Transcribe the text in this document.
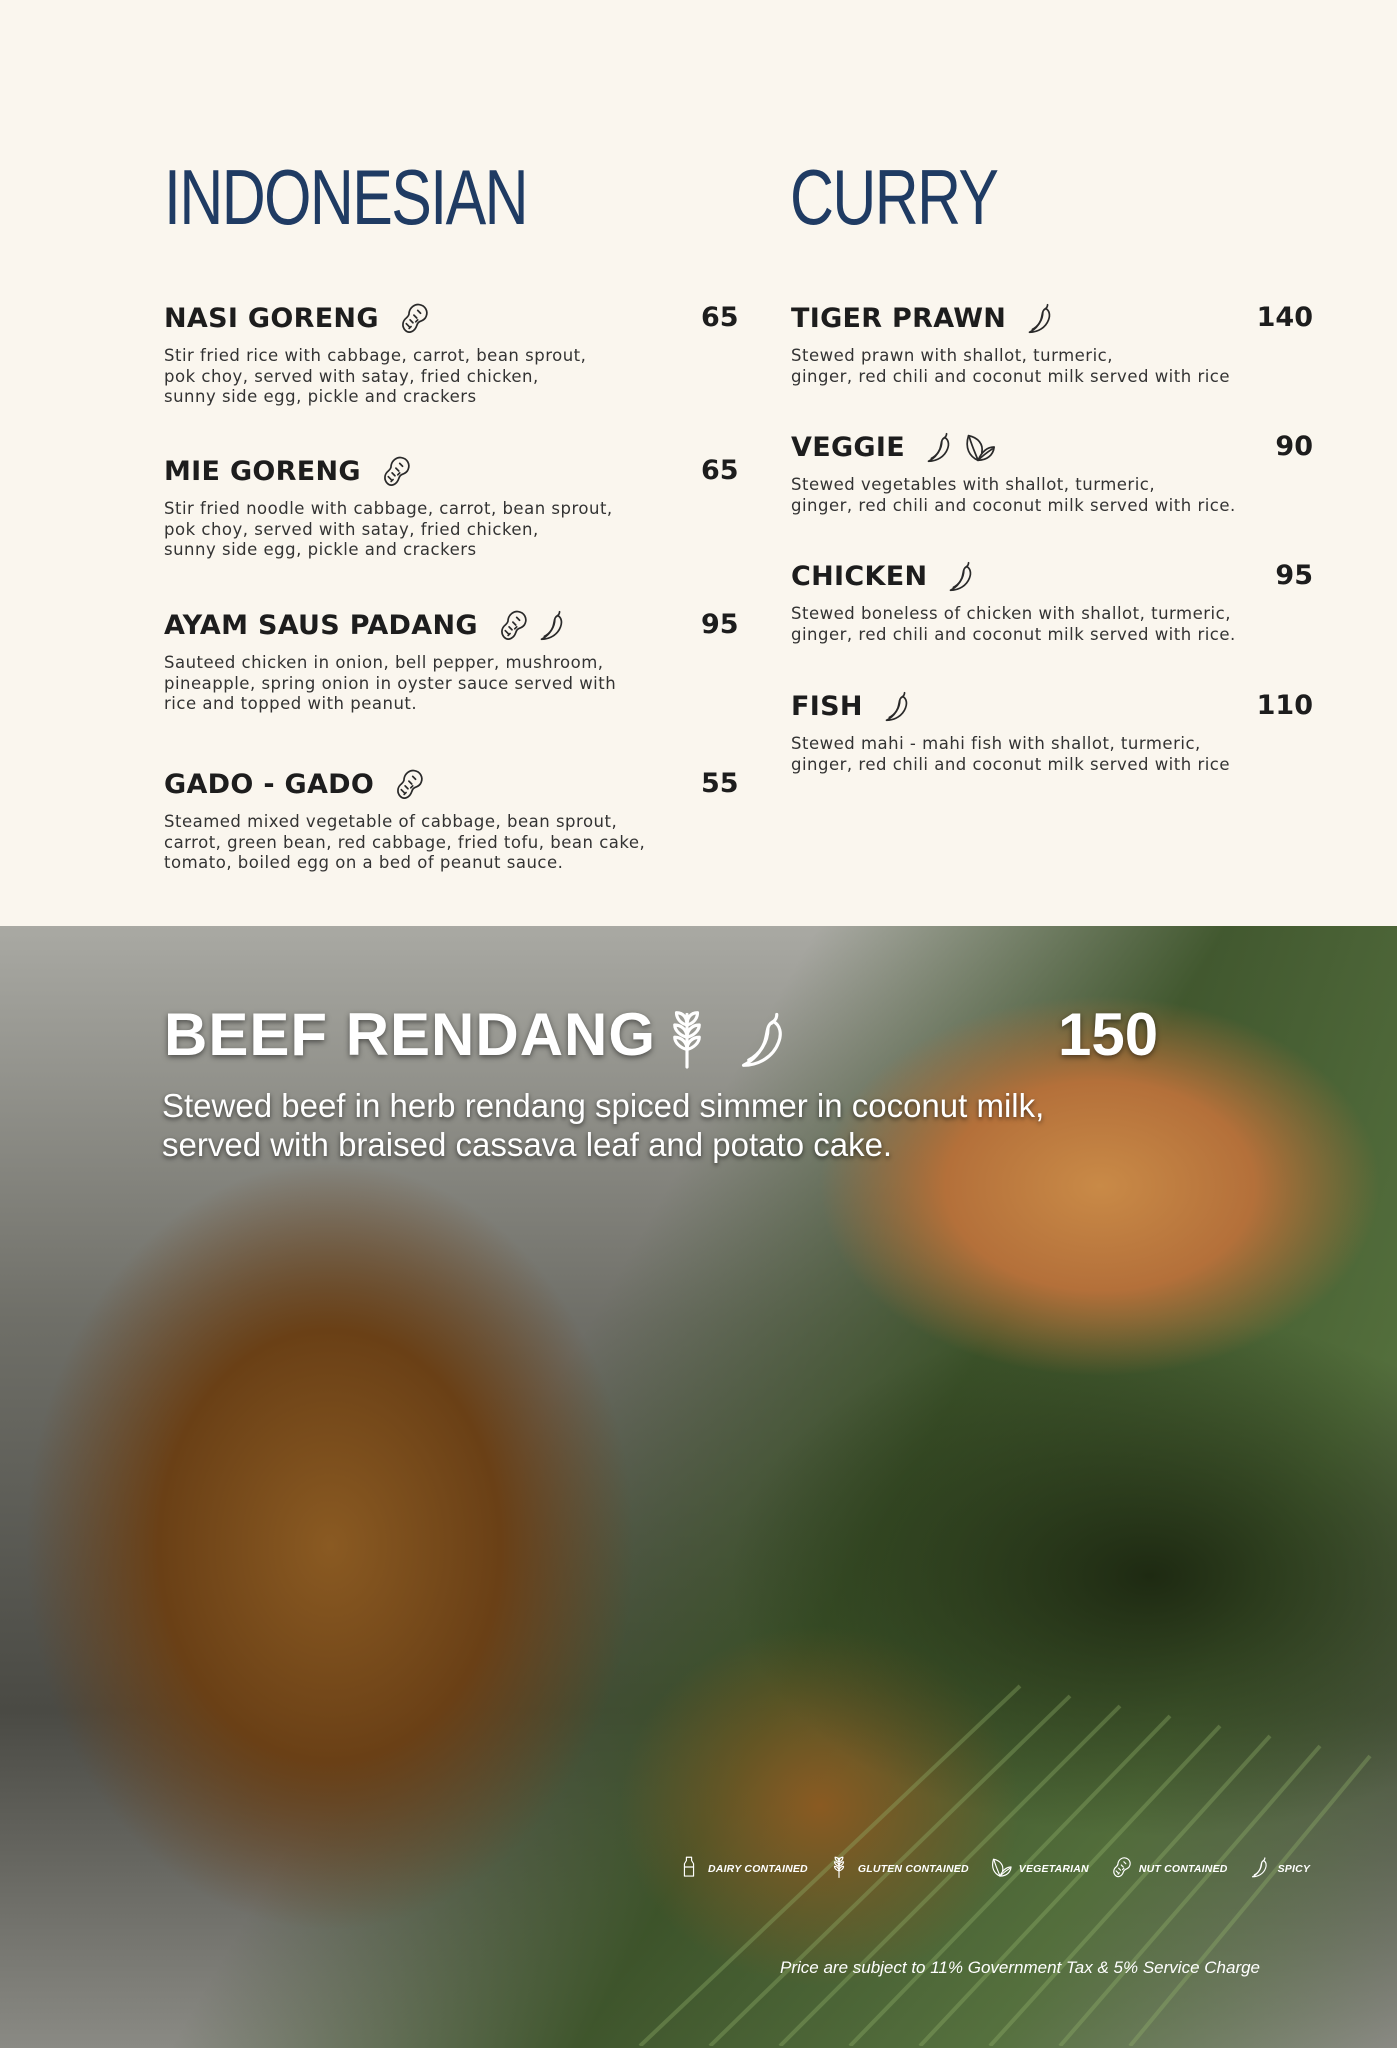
INDONESIAN	CURRY
NASI GORENG	65
Stir fried rice with cabbage, carrot, bean sprout,
pok choy, served with satay, fried chicken,
sunny side egg, pickle and crackers
MIE GORENG	65
Stir fried noodle with cabbage, carrot, bean sprout,
pok choy, served with satay, fried chicken,
sunny side egg, pickle and crackers
AYAM SAUS PADANG	95
Sauteed chicken in onion, bell pepper, mushroom,
pineapple, spring onion in oyster sauce served with
rice and topped with peanut.
GADO - GADO	55
Steamed mixed vegetable of cabbage, bean sprout,
carrot, green bean, red cabbage, fried tofu, bean cake,
tomato, boiled egg on a bed of peanut sauce.
TIGER PRAWN	140
Stewed prawn with shallot, turmeric,
ginger, red chili and coconut milk served with rice
VEGGIE	90
Stewed vegetables with shallot, turmeric,
ginger, red chili and coconut milk served with rice.
CHICKEN	95
Stewed boneless of chicken with shallot, turmeric,
ginger, red chili and coconut milk served with rice.
FISH	110
Stewed mahi - mahi fish with shallot, turmeric,
ginger, red chili and coconut milk served with rice
BEEF RENDANG	150
Stewed beef in herb rendang spiced simmer in coconut milk,
served with braised cassava leaf and potato cake.
DAIRY CONTAINED	GLUTEN CONTAINED	VEGETARIAN	NUT CONTAINED	SPICY
Price are subject to 11% Government Tax & 5% Service Charge
